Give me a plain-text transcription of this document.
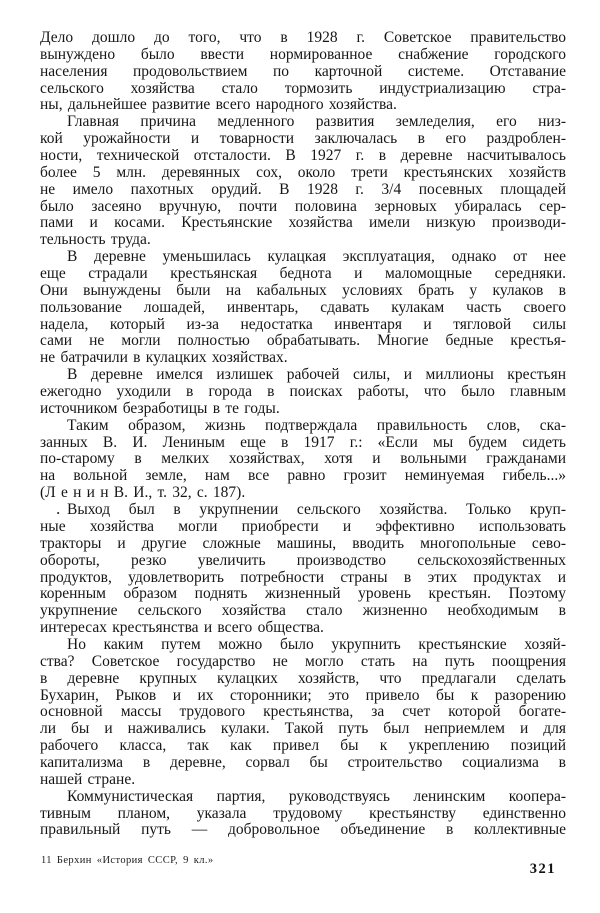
Дело дошло до того, что в 1928 г. Советское правительство
вынуждено было ввести нормированное снабжение городского
населения продовольствием по карточной системе. Отставание
сельского хозяйства стало тормозить индустриализацию стра-
ны, дальнейшее развитие всего народного хозяйства.
Главная причина медленного развития земледелия, его низ-
кой урожайности и товарности заключалась в его раздроблен-
ности, технической отсталости. В 1927 г. в деревне насчитывалось
более 5 млн. деревянных сох, около трети крестьянских хозяйств
не имело пахотных орудий. В 1928 г. 3/4 посевных площадей
было засеяно вручную, почти половина зерновых убиралась сер-
пами и косами. Крестьянские хозяйства имели низкую производи-
тельность труда.
В деревне уменьшилась кулацкая эксплуатация, однако от нее
еще страдали крестьянская беднота и маломощные середняки.
Они вынуждены были на кабальных условиях брать у кулаков в
пользование лошадей, инвентарь, сдавать кулакам часть своего
надела, который из-за недостатка инвентаря и тягловой силы
сами не могли полностью обрабатывать. Многие бедные крестья-
не батрачили в кулацких хозяйствах.
В деревне имелся излишек рабочей силы, и миллионы крестьян
ежегодно уходили в города в поисках работы, что было главным
источником безработицы в те годы.
Таким образом, жизнь подтверждала правильность слов, ска-
занных В. И. Лениным еще в 1917 г.: «Если мы будем сидеть
по-старому в мелких хозяйствах, хотя и вольными гражданами
на вольной земле, нам все равно грозит неминуемая гибель...»
(Л е н и н В. И., т. 32, с. 187).
Выход был в укрупнении сельского хозяйства. Только круп-
ные хозяйства могли приобрести и эффективно использовать
тракторы и другие сложные машины, вводить многопольные сево-
обороты, резко увеличить производство сельскохозяйственных
продуктов, удовлетворить потребности страны в этих продуктах и
коренным образом поднять жизненный уровень крестьян. Поэтому
укрупнение сельского хозяйства стало жизненно необходимым в
интересах крестьянства и всего общества.
Но каким путем можно было укрупнить крестьянские хозяй-
ства? Советское государство не могло стать на путь поощрения
в деревне крупных кулацких хозяйств, что предлагали сделать
Бухарин, Рыков и их сторонники; это привело бы к разорению
основной массы трудового крестьянства, за счет которой богате-
ли бы и наживались кулаки. Такой путь был неприемлем и для
рабочего класса, так как привел бы к укреплению позиций
капитализма в деревне, сорвал бы строительство социализма в
нашей стране.
Коммунистическая партия, руководствуясь ленинским коопера-
тивным планом, указала трудовому крестьянству единственно
правильный путь — добровольное объединение в коллективные
·
11 Берхин «История СССР, 9 кл.»
321
